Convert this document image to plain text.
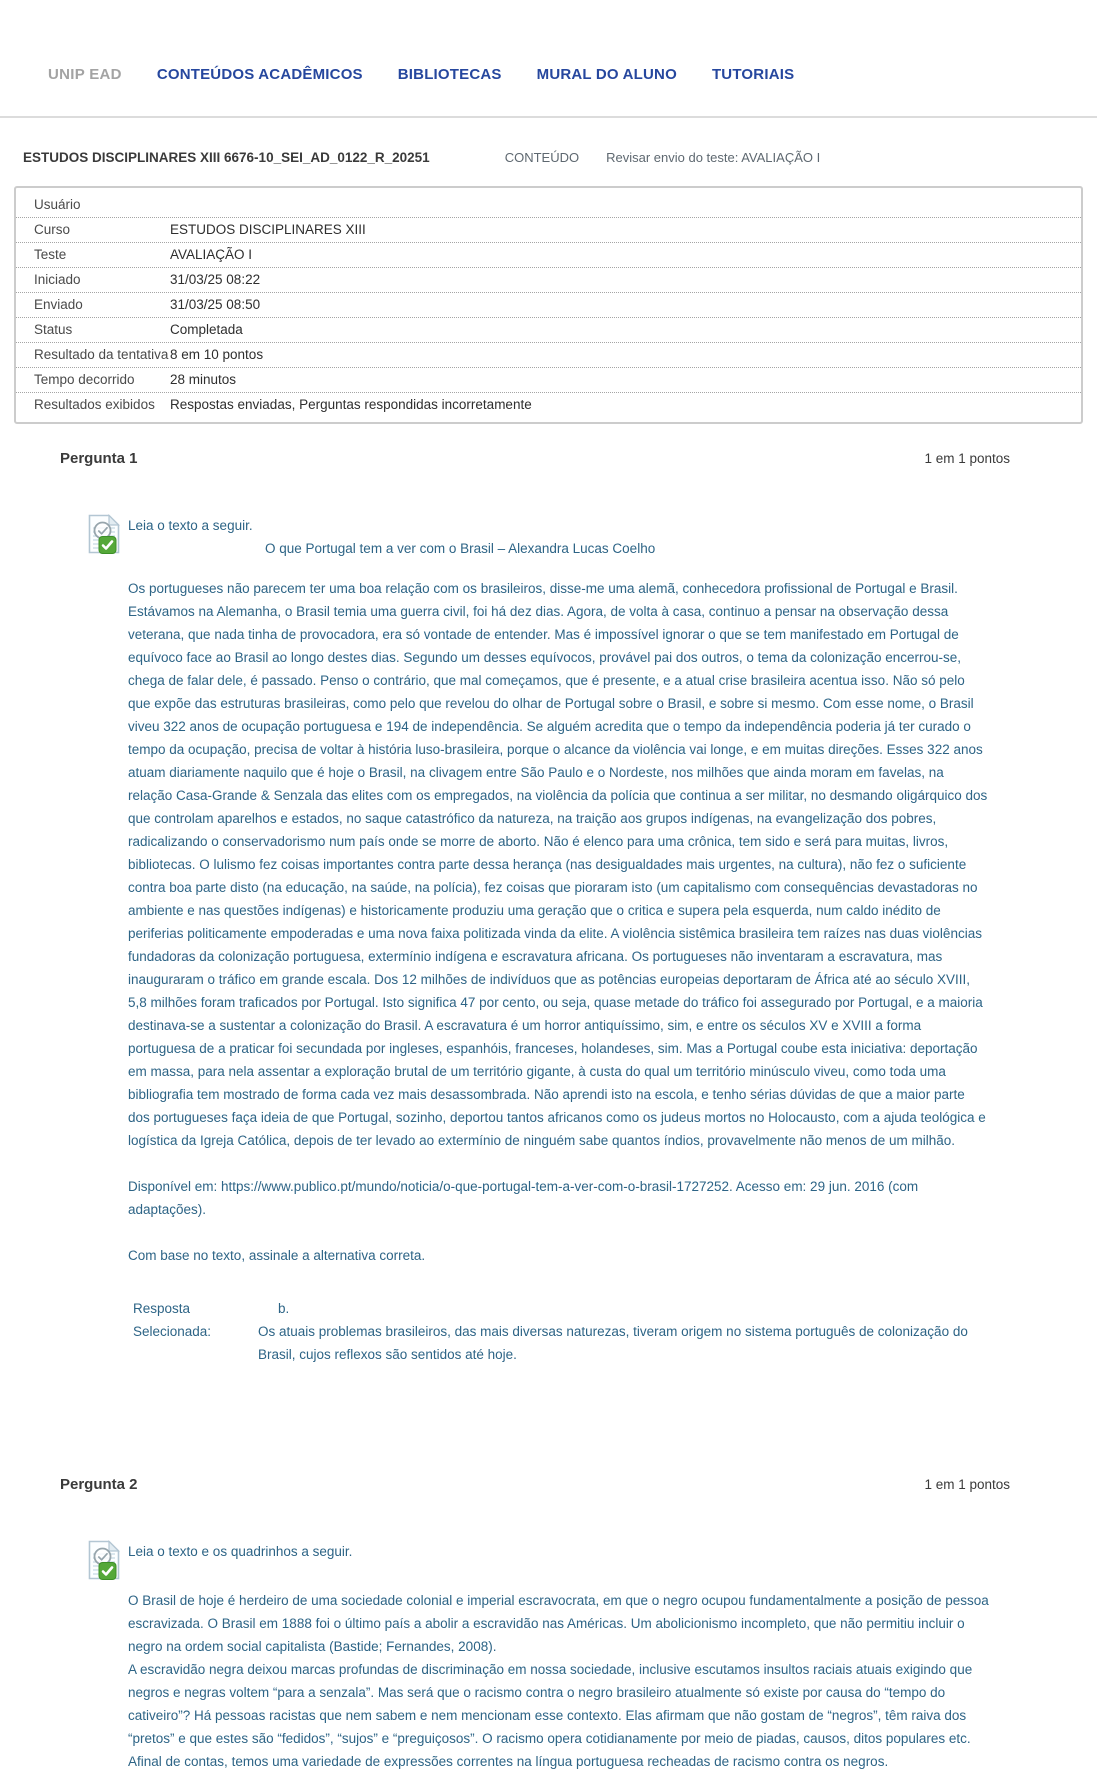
UNIP EAD CONTEÚDOS ACADÊMICOS BIBLIOTECAS MURAL DO ALUNO TUTORIAIS
ESTUDOS DISCIPLINARES XIII 6676-10_SEI_AD_0122_R_20251	CONTEÚDO Revisar envio do teste: AVALIAÇÃO I
Usuário
Curso	ESTUDOS DISCIPLINARES XIII
Teste	AVALIAÇÃO I
Iniciado	31/03/25 08:22
Enviado	31/03/25 08:50
Status	Completada
Resultado da tentativa 8 em 10 pontos
Tempo decorrido	28 minutos
Resultados exibidos	Respostas enviadas, Perguntas respondidas incorretamente
Pergunta 1	1 em 1 pontos

Leia o texto a seguir.

O que Portugal tem a ver com o Brasil – Alexandra Lucas Coelho

Os portugueses não parecem ter uma boa relação com os brasileiros, disse-me uma alemã, conhecedora profissional de Portugal e Brasil. Estávamos na Alemanha, o Brasil temia uma guerra civil, foi há dez dias. Agora, de volta à casa, continuo a pensar na observação dessa veterana, que nada tinha de provocadora, era só vontade de entender. Mas é impossível ignorar o que se tem manifestado em Portugal de equívoco face ao Brasil ao longo destes dias. Segundo um desses equívocos, provável pai dos outros, o tema da colonização encerrou-se, chega de falar dele, é passado. Penso o contrário, que mal começamos, que é presente, e a atual crise brasileira acentua isso. Não só pelo que expõe das estruturas brasileiras, como pelo que revelou do olhar de Portugal sobre o Brasil, e sobre si mesmo. Com esse nome, o Brasil viveu 322 anos de ocupação portuguesa e 194 de independência. Se alguém acredita que o tempo da independência poderia já ter curado o tempo da ocupação, precisa de voltar à história luso-brasileira, porque o alcance da violência vai longe, e em muitas direções. Esses 322 anos atuam diariamente naquilo que é hoje o Brasil, na clivagem entre São Paulo e o Nordeste, nos milhões que ainda moram em favelas, na relação Casa-Grande & Senzala das elites com os empregados, na violência da polícia que continua a ser militar, no desmando oligárquico dos que controlam aparelhos e estados, no saque catastrófico da natureza, na traição aos grupos indígenas, na evangelização dos pobres, radicalizando o conservadorismo num país onde se morre de aborto. Não é elenco para uma crônica, tem sido e será para muitas, livros, bibliotecas. O lulismo fez coisas importantes contra parte dessa herança (nas desigualdades mais urgentes, na cultura), não fez o suficiente contra boa parte disto (na educação, na saúde, na polícia), fez coisas que pioraram isto (um capitalismo com consequências devastadoras no ambiente e nas questões indígenas) e historicamente produziu uma geração que o critica e supera pela esquerda, num caldo inédito de periferias politicamente empoderadas e uma nova faixa politizada vinda da elite. A violência sistêmica brasileira tem raízes nas duas violências fundadoras da colonização portuguesa, extermínio indígena e escravatura africana. Os portugueses não inventaram a escravatura, mas inauguraram o tráfico em grande escala. Dos 12 milhões de indivíduos que as potências europeias deportaram de África até ao século XVIII, 5,8 milhões foram traficados por Portugal. Isto significa 47 por cento, ou seja, quase metade do tráfico foi assegurado por Portugal, e a maioria destinava-se a sustentar a colonização do Brasil. A escravatura é um horror antiquíssimo, sim, e entre os séculos XV e XVIII a forma portuguesa de a praticar foi secundada por ingleses, espanhóis, franceses, holandeses, sim. Mas a Portugal coube esta iniciativa: deportação em massa, para nela assentar a exploração brutal de um território gigante, à custa do qual um território minúsculo viveu, como toda uma bibliografia tem mostrado de forma cada vez mais desassombrada. Não aprendi isto na escola, e tenho sérias dúvidas de que a maior parte dos portugueses faça ideia de que Portugal, sozinho, deportou tantos africanos como os judeus mortos no Holocausto, com a ajuda teológica e logística da Igreja Católica, depois de ter levado ao extermínio de ninguém sabe quantos índios, provavelmente não menos de um milhão.

Disponível em: https://www.publico.pt/mundo/noticia/o-que-portugal-tem-a-ver-com-o-brasil-1727252. Acesso em: 29 jun. 2016 (com adaptações).

Com base no texto, assinale a alternativa correta.

Resposta Selecionada:
b.
Os atuais problemas brasileiros, das mais diversas naturezas, tiveram origem no sistema português de colonização do Brasil, cujos reflexos são sentidos até hoje.
Pergunta 2	1 em 1 pontos

Leia o texto e os quadrinhos a seguir.

O Brasil de hoje é herdeiro de uma sociedade colonial e imperial escravocrata, em que o negro ocupou fundamentalmente a posição de pessoa escravizada. O Brasil em 1888 foi o último país a abolir a escravidão nas Américas. Um abolicionismo incompleto, que não permitiu incluir o negro na ordem social capitalista (Bastide; Fernandes, 2008).

A escravidão negra deixou marcas profundas de discriminação em nossa sociedade, inclusive escutamos insultos raciais atuais exigindo que negros e negras voltem “para a senzala”. Mas será que o racismo contra o negro brasileiro atualmente só existe por causa do “tempo do cativeiro”? Há pessoas racistas que nem sabem e nem mencionam esse contexto. Elas afirmam que não gostam de “negros”, têm raiva dos “pretos” e que estes são “fedidos”, “sujos” e “preguiçosos”. O racismo opera cotidianamente por meio de piadas, causos, ditos populares etc. Afinal de contas, temos uma variedade de expressões correntes na língua portuguesa recheadas de racismo contra os negros.
